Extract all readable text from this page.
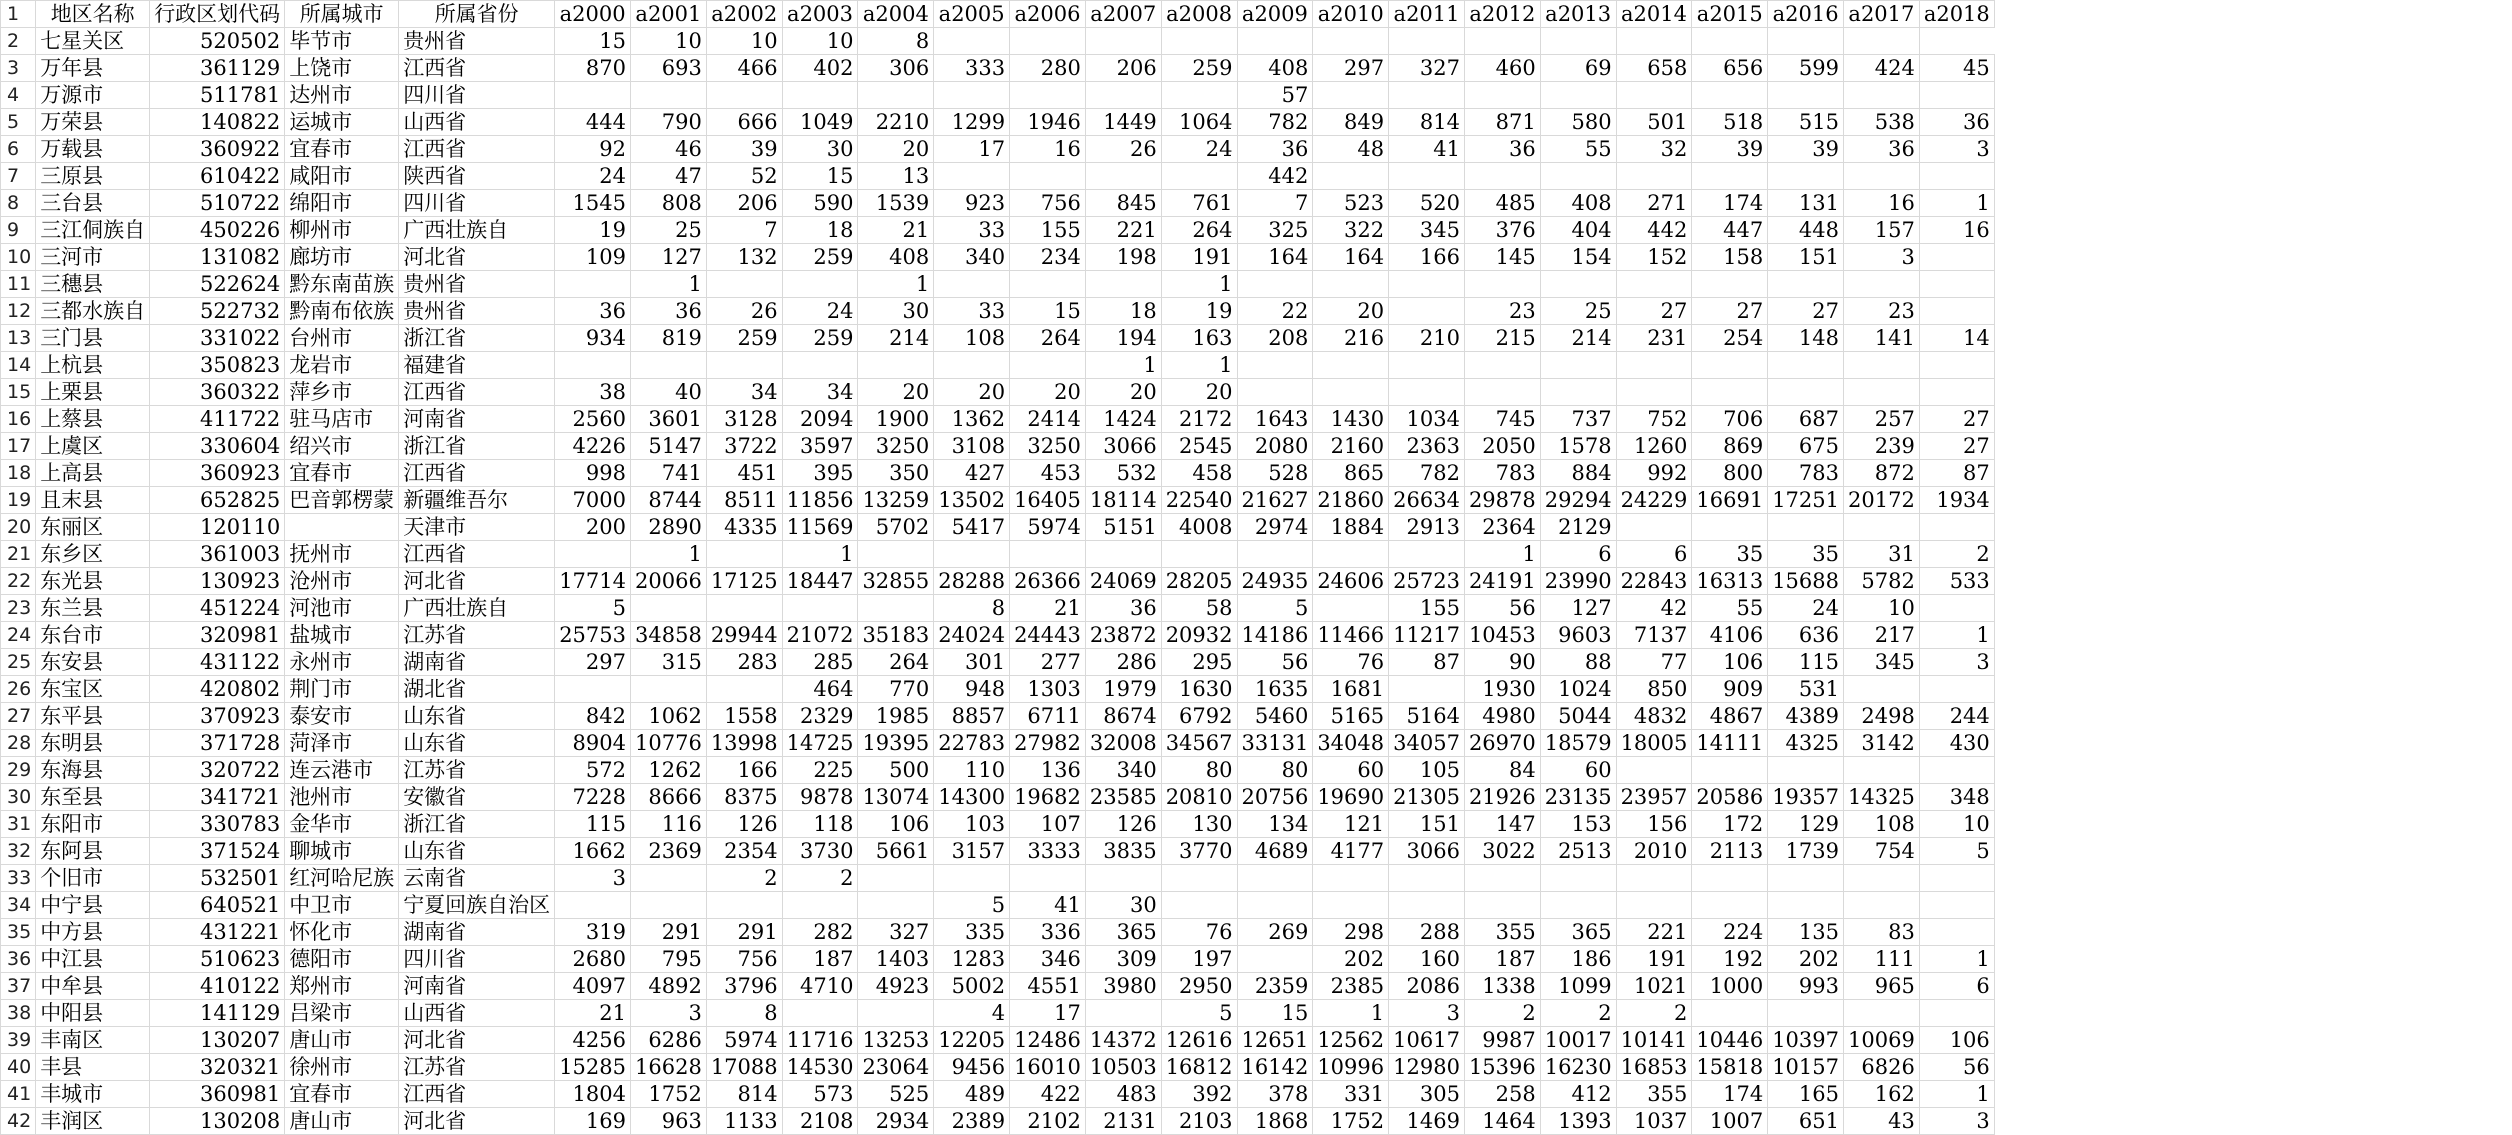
1	地区名称	行政区划代码	所属城市	所属省份	a2000	a2001	a2002	a2003	a2004	a2005	a2006	a2007	a2008	a2009	a2010	a2011	a2012	a2013	a2014	a2015	a2016	a2017	a2018
2	七星关区	520502	毕节市	贵州省	15	10	10	10	8														
3	万年县	361129	上饶市	江西省	870	693	466	402	306	333	280	206	259	408	297	327	460	69	658	656	599	424	45
4	万源市	511781	达州市	四川省										57									
5	万荣县	140822	运城市	山西省	444	790	666	1049	2210	1299	1946	1449	1064	782	849	814	871	580	501	518	515	538	36
6	万载县	360922	宜春市	江西省	92	46	39	30	20	17	16	26	24	36	48	41	36	55	32	39	39	36	3
7	三原县	610422	咸阳市	陕西省	24	47	52	15	13					442									
8	三台县	510722	绵阳市	四川省	1545	808	206	590	1539	923	756	845	761	7	523	520	485	408	271	174	131	16	1
9	三江侗族自	450226	柳州市	广西壮族自	19	25	7	18	21	33	155	221	264	325	322	345	376	404	442	447	448	157	16
10	三河市	131082	廊坊市	河北省	109	127	132	259	408	340	234	198	191	164	164	166	145	154	152	158	151	3	
11	三穗县	522624	黔东南苗族	贵州省		1			1				1										
12	三都水族自	522732	黔南布依族	贵州省	36	36	26	24	30	33	15	18	19	22	20		23	25	27	27	27	23	
13	三门县	331022	台州市	浙江省	934	819	259	259	214	108	264	194	163	208	216	210	215	214	231	254	148	141	14
14	上杭县	350823	龙岩市	福建省								1	1										
15	上栗县	360322	萍乡市	江西省	38	40	34	34	20	20	20	20	20										
16	上蔡县	411722	驻马店市	河南省	2560	3601	3128	2094	1900	1362	2414	1424	2172	1643	1430	1034	745	737	752	706	687	257	27
17	上虞区	330604	绍兴市	浙江省	4226	5147	3722	3597	3250	3108	3250	3066	2545	2080	2160	2363	2050	1578	1260	869	675	239	27
18	上高县	360923	宜春市	江西省	998	741	451	395	350	427	453	532	458	528	865	782	783	884	992	800	783	872	87
19	且末县	652825	巴音郭楞蒙	新疆维吾尔	7000	8744	8511	11856	13259	13502	16405	18114	22540	21627	21860	26634	29878	29294	24229	16691	17251	20172	1934
20	东丽区	120110		天津市	200	2890	4335	11569	5702	5417	5974	5151	4008	2974	1884	2913	2364	2129					
21	东乡区	361003	抚州市	江西省		1		1									1	6	6	35	35	31	2
22	东光县	130923	沧州市	河北省	17714	20066	17125	18447	32855	28288	26366	24069	28205	24935	24606	25723	24191	23990	22843	16313	15688	5782	533
23	东兰县	451224	河池市	广西壮族自	5					8	21	36	58	5		155	56	127	42	55	24	10	
24	东台市	320981	盐城市	江苏省	25753	34858	29944	21072	35183	24024	24443	23872	20932	14186	11466	11217	10453	9603	7137	4106	636	217	1
25	东安县	431122	永州市	湖南省	297	315	283	285	264	301	277	286	295	56	76	87	90	88	77	106	115	345	3
26	东宝区	420802	荆门市	湖北省				464	770	948	1303	1979	1630	1635	1681		1930	1024	850	909	531		
27	东平县	370923	泰安市	山东省	842	1062	1558	2329	1985	8857	6711	8674	6792	5460	5165	5164	4980	5044	4832	4867	4389	2498	244
28	东明县	371728	菏泽市	山东省	8904	10776	13998	14725	19395	22783	27982	32008	34567	33131	34048	34057	26970	18579	18005	14111	4325	3142	430
29	东海县	320722	连云港市	江苏省	572	1262	166	225	500	110	136	340	80	80	60	105	84	60					
30	东至县	341721	池州市	安徽省	7228	8666	8375	9878	13074	14300	19682	23585	20810	20756	19690	21305	21926	23135	23957	20586	19357	14325	348
31	东阳市	330783	金华市	浙江省	115	116	126	118	106	103	107	126	130	134	121	151	147	153	156	172	129	108	10
32	东阿县	371524	聊城市	山东省	1662	2369	2354	3730	5661	3157	3333	3835	3770	4689	4177	3066	3022	2513	2010	2113	1739	754	5
33	个旧市	532501	红河哈尼族	云南省	3		2	2															
34	中宁县	640521	中卫市	宁夏回族自治区						5	41	30											
35	中方县	431221	怀化市	湖南省	319	291	291	282	327	335	336	365	76	269	298	288	355	365	221	224	135	83	
36	中江县	510623	德阳市	四川省	2680	795	756	187	1403	1283	346	309	197		202	160	187	186	191	192	202	111	1
37	中牟县	410122	郑州市	河南省	4097	4892	3796	4710	4923	5002	4551	3980	2950	2359	2385	2086	1338	1099	1021	1000	993	965	6
38	中阳县	141129	吕梁市	山西省	21	3	8			4	17		5	15	1	3	2	2	2				
39	丰南区	130207	唐山市	河北省	4256	6286	5974	11716	13253	12205	12486	14372	12616	12651	12562	10617	9987	10017	10141	10446	10397	10069	106
40	丰县	320321	徐州市	江苏省	15285	16628	17088	14530	23064	9456	16010	10503	16812	16142	10996	12980	15396	16230	16853	15818	10157	6826	56
41	丰城市	360981	宜春市	江西省	1804	1752	814	573	525	489	422	483	392	378	331	305	258	412	355	174	165	162	1
42	丰润区	130208	唐山市	河北省	169	963	1133	2108	2934	2389	2102	2131	2103	1868	1752	1469	1464	1393	1037	1007	651	43	3
